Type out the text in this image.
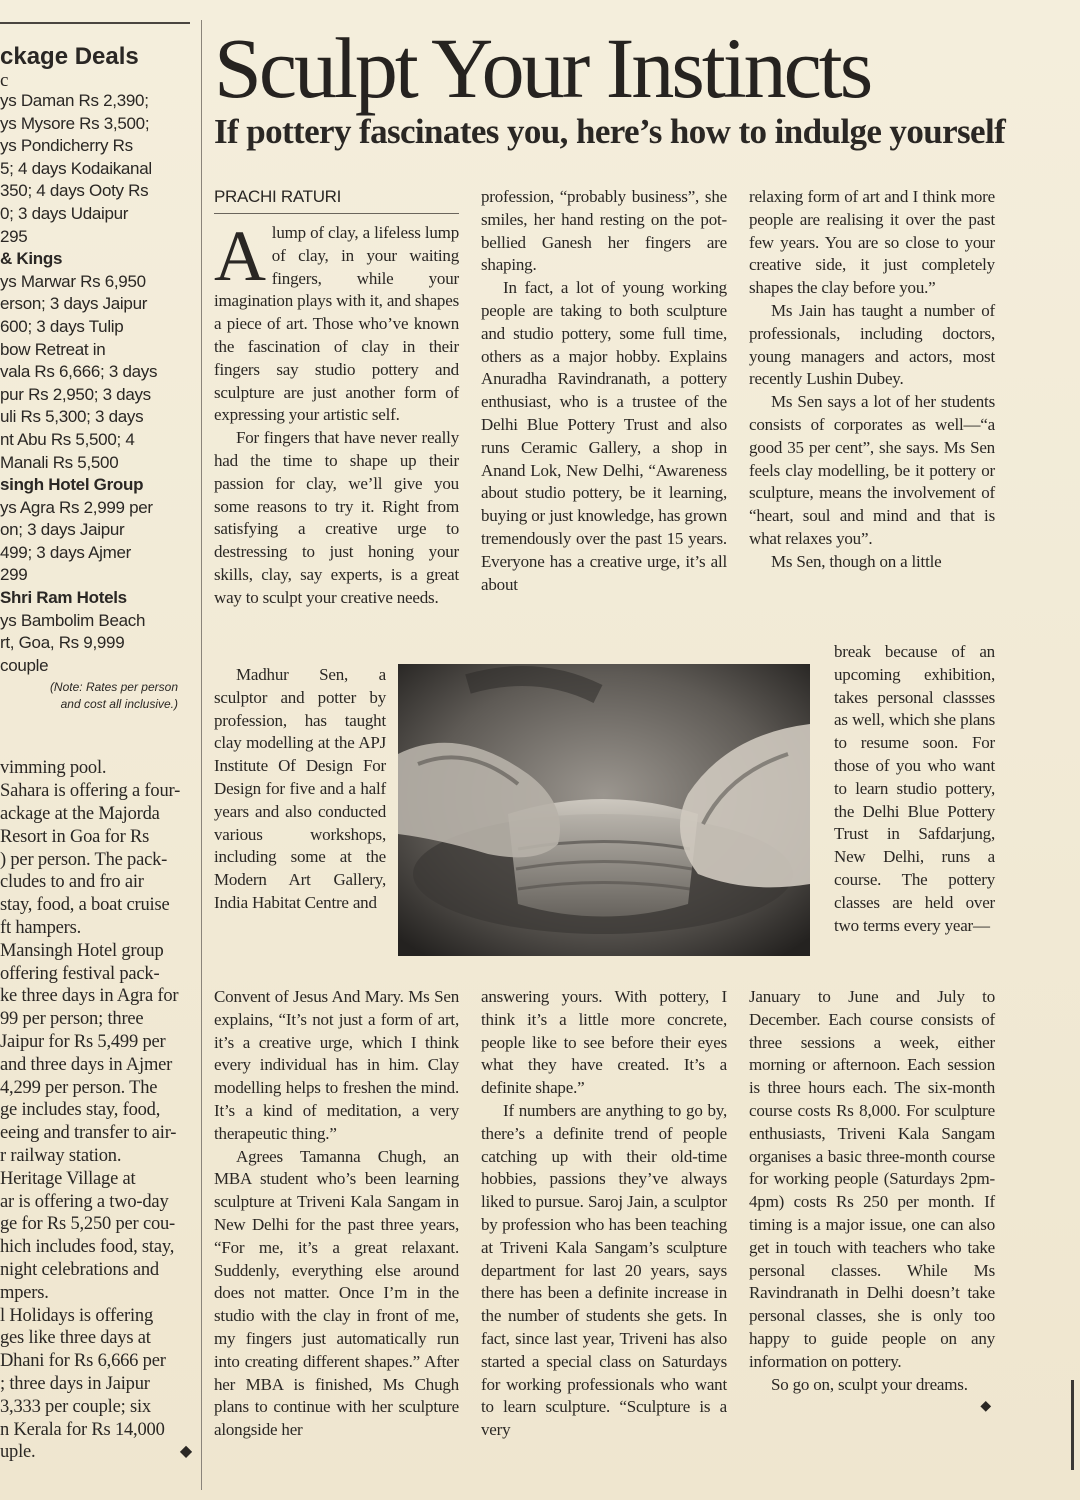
ckage Deals
c
ys Daman Rs 2,390;
ys Mysore Rs 3,500;
ys Pondicherry Rs
5; 4 days Kodaikanal
350; 4 days Ooty Rs
0; 3 days Udaipur
295
& Kings
ys Marwar Rs 6,950
erson; 3 days Jaipur
600; 3 days Tulip
bow Retreat in
vala Rs 6,666; 3 days
pur Rs 2,950; 3 days
uli Rs 5,300; 3 days
nt Abu Rs 5,500; 4
Manali Rs 5,500
singh Hotel Group
ys Agra Rs 2,999 per
on; 3 days Jaipur
499; 3 days Ajmer
299
Shri Ram Hotels
ys Bambolim Beach
rt, Goa, Rs 9,999
couple
(Note: Rates per person
and cost all inclusive.)
vimming pool.
Sahara is offering a four-
ackage at the Majorda
Resort in Goa for Rs
) per person. The pack-
cludes to and fro air
stay, food, a boat cruise
ft hampers.
Mansingh Hotel group
offering festival pack-
ke three days in Agra for
99 per person; three
Jaipur for Rs 5,499 per
and three days in Ajmer
4,299 per person. The
ge includes stay, food,
eeing and transfer to air-
r railway station.
Heritage Village at
ar is offering a two-day
ge for Rs 5,250 per cou-
hich includes food, stay,
night celebrations and
mpers.
l Holidays is offering
ges like three days at
Dhani for Rs 6,666 per
; three days in Jaipur
3,333 per couple; six
n Kerala for Rs 14,000
uple.	◆
Sculpt Your Instincts
If pottery fascinates you, here’s how to indulge yourself
PRACHI RATURI

Alump of clay, a lifeless lump of clay, in your waiting fingers, while your imagination plays with it, and shapes a piece of art. Those who’ve known the fascination of clay in their fingers say studio pottery and sculpture are just another form of expressing your artistic self.

For fingers that have never really had the time to shape up their passion for clay, we’ll give you some reasons to try it. Right from satisfying a creative urge to destressing to just honing your skills, clay, say experts, is a great way to sculpt your creative needs.

Madhur Sen, a sculptor and potter by profession, has taught clay modelling at the APJ Institute Of Design For Design for five and a half years and also conducted various workshops, including some at the Modern Art Gallery, India Habitat Centre and

Convent of Jesus And Mary. Ms Sen explains, “It’s not just a form of art, it’s a creative urge, which I think every individual has in him. Clay modelling helps to freshen the mind. It’s a kind of meditation, a very therapeutic thing.”

Agrees Tamanna Chugh, an MBA student who’s been learning sculpture at Triveni Kala Sangam in New Delhi for the past three years, “For me, it’s a great relaxant. Suddenly, everything else around does not matter. Once I’m in the studio with the clay in front of me, my fingers just automatically run into creating different shapes.” After her MBA is finished, Ms Chugh plans to continue with her sculpture alongside her

profession, “probably business”, she smiles, her hand resting on the pot-bellied Ganesh her fingers are shaping.

In fact, a lot of young working people are taking to both sculpture and studio pottery, some full time, others as a major hobby. Explains Anuradha Ravindranath, a pottery enthusiast, who is a trustee of the Delhi Blue Pottery Trust and also runs Ceramic Gallery, a shop in Anand Lok, New Delhi, “Awareness about studio pottery, be it learning, buying or just knowledge, has grown tremendously over the past 15 years. Everyone has a creative urge, it’s all about

answering yours. With pottery, I think it’s a little more concrete, people like to see before their eyes what they have created. It’s a definite shape.”

If numbers are anything to go by, there’s a definite trend of people catching up with their old-time hobbies, passions they’ve always liked to pursue. Saroj Jain, a sculptor by profession who has been teaching at Triveni Kala Sangam’s sculpture department for last 20 years, says there has been a definite increase in the number of students she gets. In fact, since last year, Triveni has also started a special class on Saturdays for working professionals who want to learn sculpture. “Sculpture is a very

relaxing form of art and I think more people are realising it over the past few years. You are so close to your creative side, it just completely shapes the clay before you.”

Ms Jain has taught a number of professionals, including doctors, young managers and actors, most recently Lushin Dubey.

Ms Sen says a lot of her students consists of corporates as well—“a good 35 per cent”, she says. Ms Sen feels clay modelling, be it pottery or sculpture, means the involvement of “heart, soul and mind and that is what relaxes you”.

Ms Sen, though on a little

break because of an upcoming exhibition, takes personal classses as well, which she plans to resume soon. For those of you who want to learn studio pottery, the Delhi Blue Pottery Trust in Safdarjung, New Delhi, runs a course. The pottery classes are held over two terms every year—

January to June and July to December. Each course consists of three sessions a week, either morning or afternoon. Each session is three hours each. The six-month course costs Rs 8,000. For sculpture enthusiasts, Triveni Kala Sangam organises a basic three-month course for working people (Saturdays 2pm-4pm) costs Rs 250 per month. If timing is a major issue, one can also get in touch with teachers who take personal classes. While Ms Ravindranath in Delhi doesn’t take personal classes, she is only too happy to guide people on any information on pottery.

So go on, sculpt your dreams.
◆
